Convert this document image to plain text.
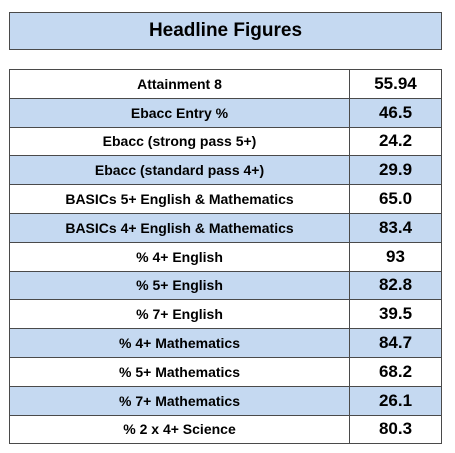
Headline Figures
Attainment 8	55.94
Ebacc Entry %	46.5
Ebacc (strong pass 5+)	24.2
Ebacc (standard pass 4+)	29.9
BASICs 5+ English & Mathematics	65.0
BASICs 4+ English & Mathematics	83.4
% 4+ English	93
% 5+ English	82.8
% 7+ English	39.5
% 4+ Mathematics	84.7
% 5+ Mathematics	68.2
% 7+ Mathematics	26.1
% 2 x 4+ Science	80.3
